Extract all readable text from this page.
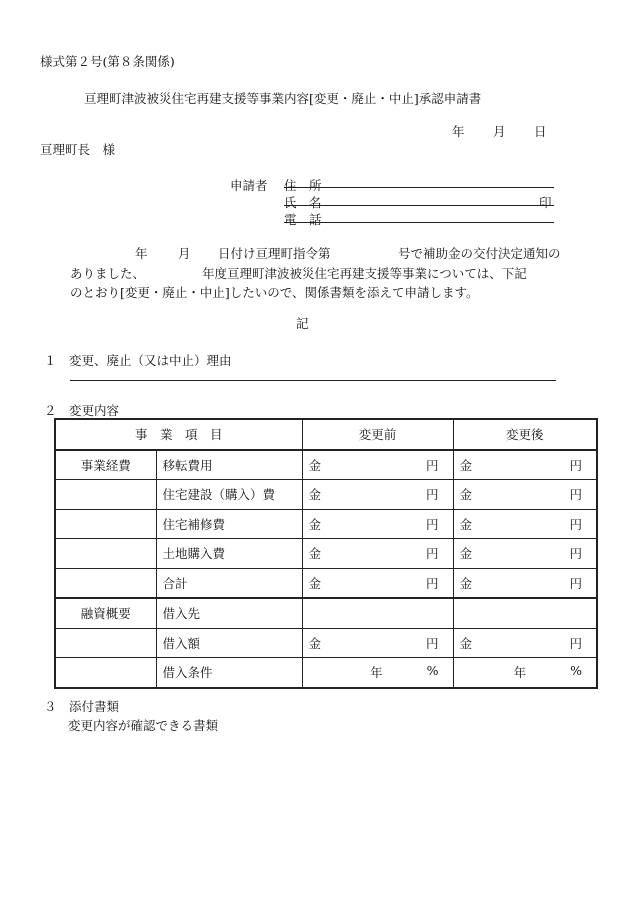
様式第２号(第８条関係)
亘理町津波被災住宅再建支援等事業内容[変更・廃止・中止]承認申請書
年 月 日
亘理町長　様
申請者 住　所
氏　名	印
電　話
年 月 日付け亘理町指令第	号で補助金の交付決定通知の
ありました、	年度亘理町津波被災住宅再建支援等事業については、下記
のとおり[変更・廃止・中止]したいので、関係書類を添えて申請します。
記
１　変更、廃止（又は中止）理由
２　変更内容
事　業　項　目		変更前	変更後
事業経費	移転費用	金 円	金 円

	住宅建設（購入）費	金 円	金 円

	住宅補修費	金 円	金 円

	土地購入費	金 円	金 円

	合計	金 円	金 円

融資概要	借入先		
	借入額	金 円	金 円

	借入条件	年 %	年 %
３　添付書類
変更内容が確認できる書類
